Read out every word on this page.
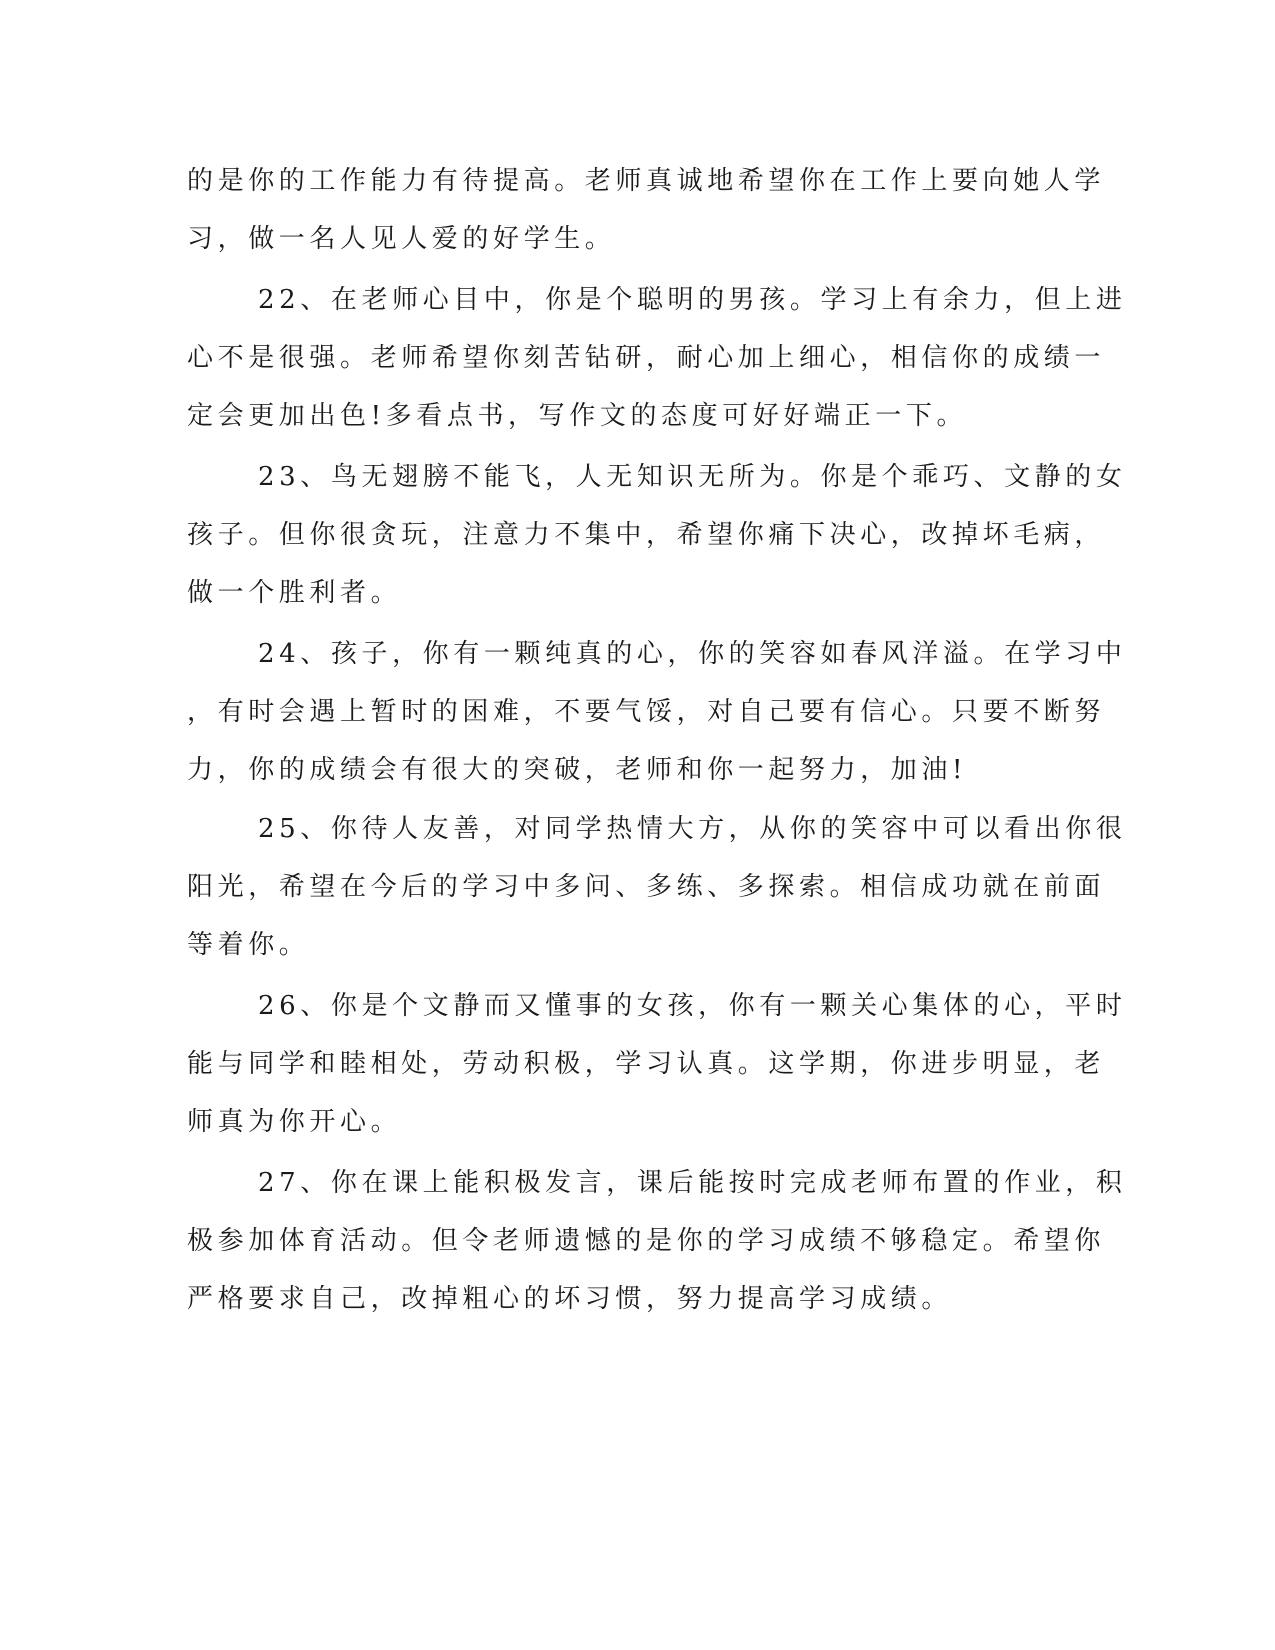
的是你的工作能力有待提高。老师真诚地希望你在工作上要向她人学
习，做一名人见人爱的好学生。
22、在老师心目中，你是个聪明的男孩。学习上有余力，但上进
心不是很强。老师希望你刻苦钻研，耐心加上细心，相信你的成绩一
定会更加出色!多看点书，写作文的态度可好好端正一下。
23、鸟无翅膀不能飞，人无知识无所为。你是个乖巧、文静的女
孩子。但你很贪玩，注意力不集中，希望你痛下决心，改掉坏毛病，
做一个胜利者。
24、孩子，你有一颗纯真的心，你的笑容如春风洋溢。在学习中
，有时会遇上暂时的困难，不要气馁，对自己要有信心。只要不断努
力，你的成绩会有很大的突破，老师和你一起努力，加油!
25、你待人友善，对同学热情大方，从你的笑容中可以看出你很
阳光，希望在今后的学习中多问、多练、多探索。相信成功就在前面
等着你。
26、你是个文静而又懂事的女孩，你有一颗关心集体的心，平时
能与同学和睦相处，劳动积极，学习认真。这学期，你进步明显，老
师真为你开心。
27、你在课上能积极发言，课后能按时完成老师布置的作业，积
极参加体育活动。但令老师遗憾的是你的学习成绩不够稳定。希望你
严格要求自己，改掉粗心的坏习惯，努力提高学习成绩。
